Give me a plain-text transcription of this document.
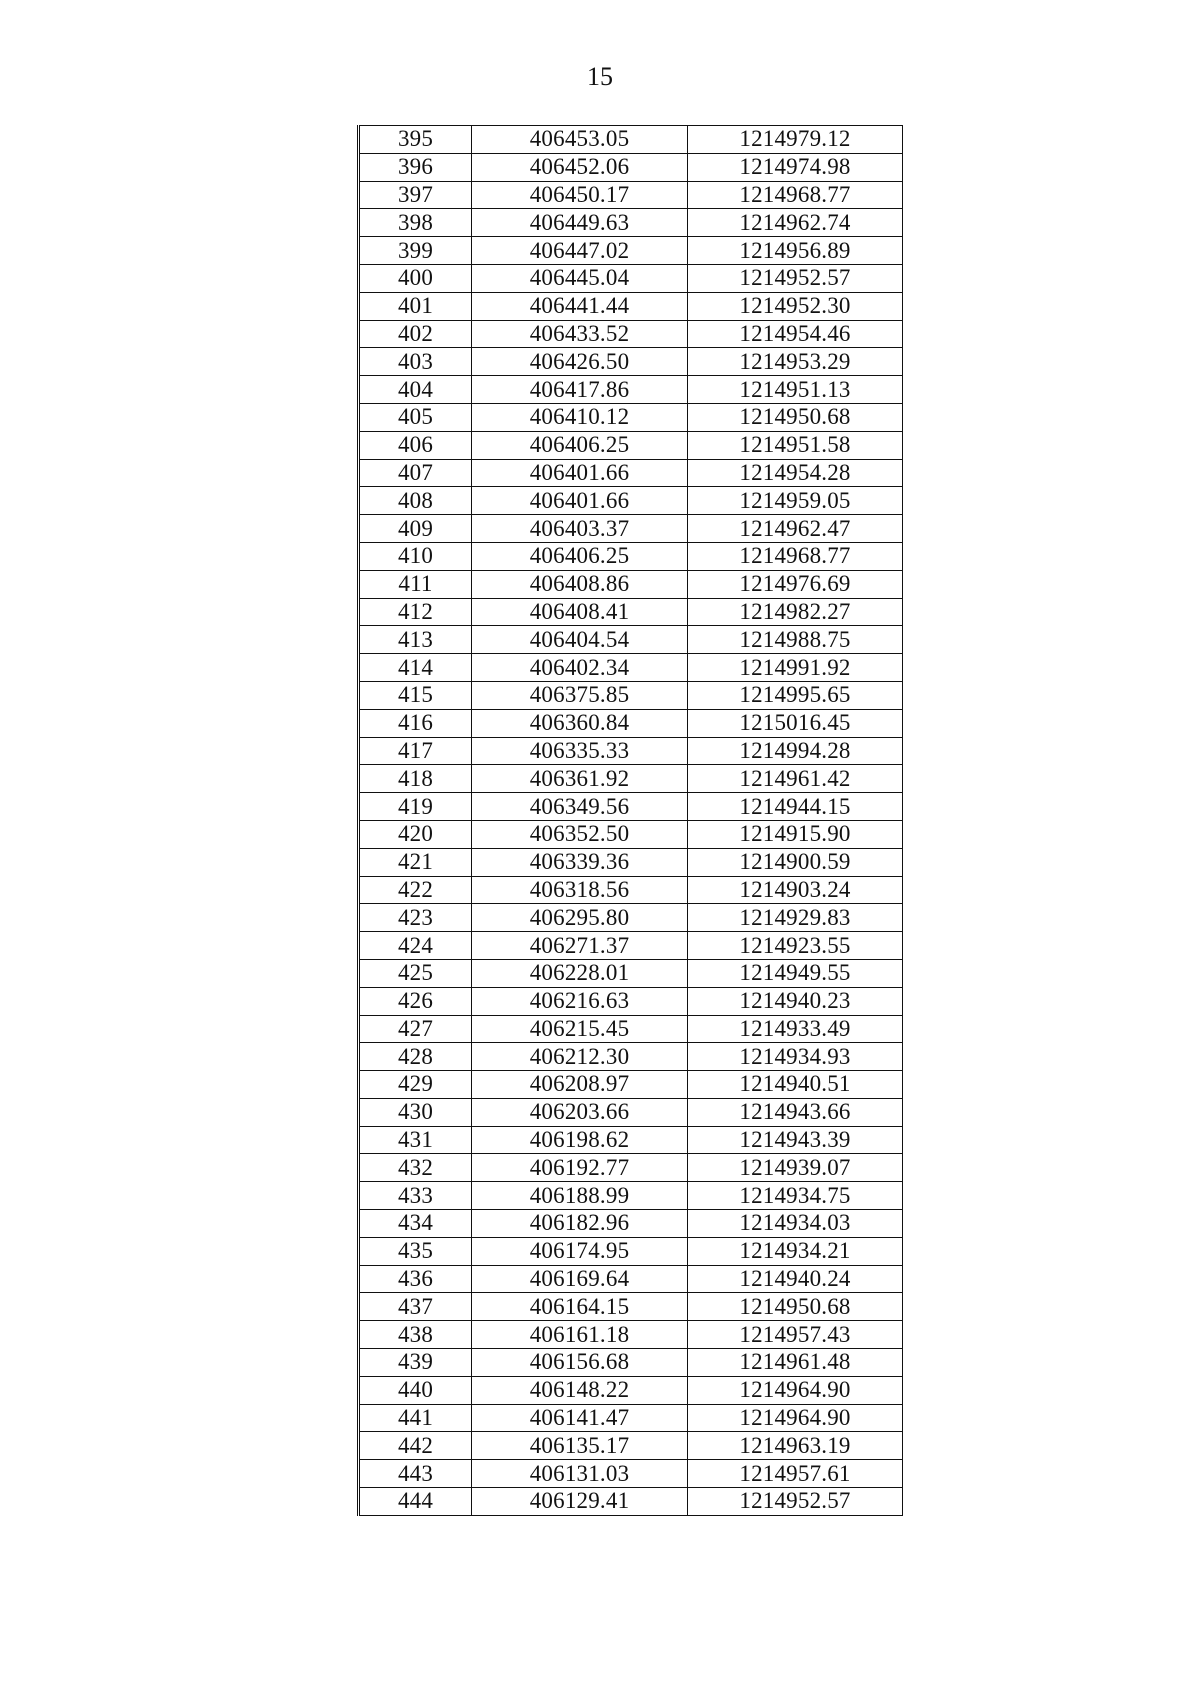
15
395	406453.05	1214979.12
396	406452.06	1214974.98
397	406450.17	1214968.77
398	406449.63	1214962.74
399	406447.02	1214956.89
400	406445.04	1214952.57
401	406441.44	1214952.30
402	406433.52	1214954.46
403	406426.50	1214953.29
404	406417.86	1214951.13
405	406410.12	1214950.68
406	406406.25	1214951.58
407	406401.66	1214954.28
408	406401.66	1214959.05
409	406403.37	1214962.47
410	406406.25	1214968.77
411	406408.86	1214976.69
412	406408.41	1214982.27
413	406404.54	1214988.75
414	406402.34	1214991.92
415	406375.85	1214995.65
416	406360.84	1215016.45
417	406335.33	1214994.28
418	406361.92	1214961.42
419	406349.56	1214944.15
420	406352.50	1214915.90
421	406339.36	1214900.59
422	406318.56	1214903.24
423	406295.80	1214929.83
424	406271.37	1214923.55
425	406228.01	1214949.55
426	406216.63	1214940.23
427	406215.45	1214933.49
428	406212.30	1214934.93
429	406208.97	1214940.51
430	406203.66	1214943.66
431	406198.62	1214943.39
432	406192.77	1214939.07
433	406188.99	1214934.75
434	406182.96	1214934.03
435	406174.95	1214934.21
436	406169.64	1214940.24
437	406164.15	1214950.68
438	406161.18	1214957.43
439	406156.68	1214961.48
440	406148.22	1214964.90
441	406141.47	1214964.90
442	406135.17	1214963.19
443	406131.03	1214957.61
444	406129.41	1214952.57
